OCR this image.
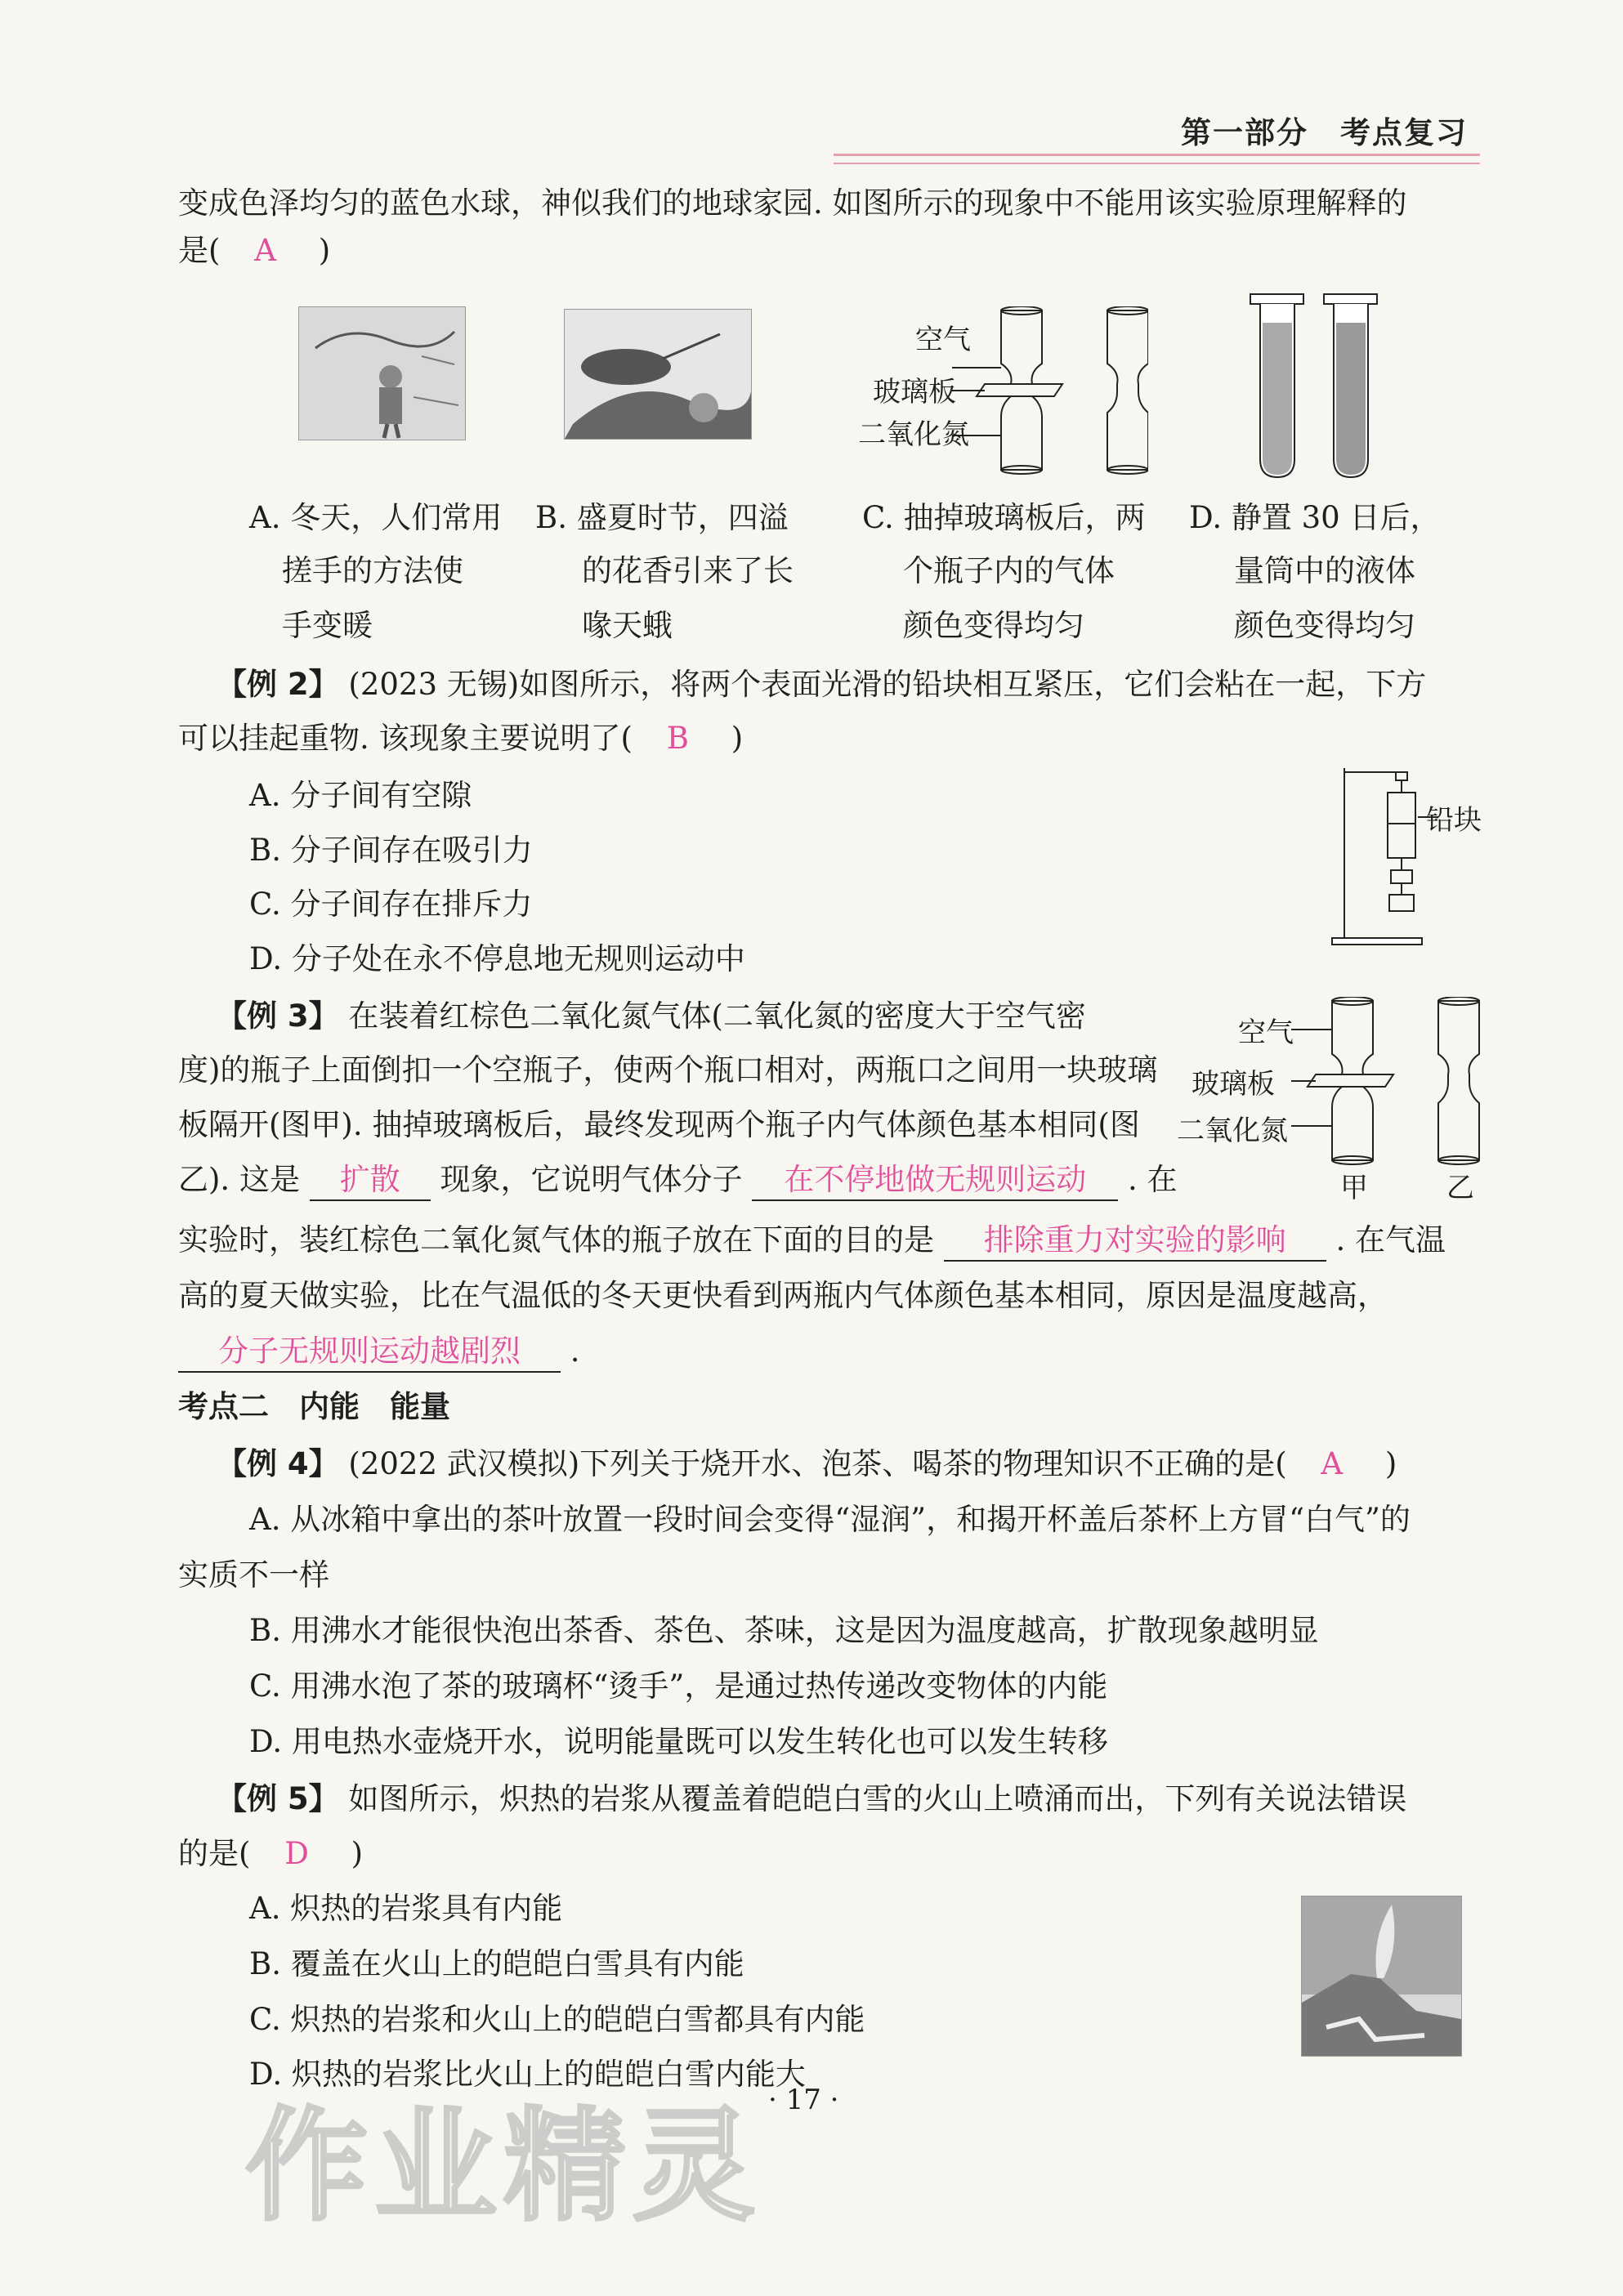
第一部分　考点复习
变成色泽均匀的蓝色水球，神似我们的地球家园. 如图所示的现象中不能用该实验原理解释的
是( A )
空气
玻璃板
二氧化氮
A. 冬天，人们常用
搓手的方法使
手变暖
B. 盛夏时节，四溢
的花香引来了长
喙天蛾
C. 抽掉玻璃板后，两
个瓶子内的气体
颜色变得均匀
D. 静置 30 日后，
量筒中的液体
颜色变得均匀
【例 2】 (2023 无锡)如图所示，将两个表面光滑的铅块相互紧压，它们会粘在一起，下方
可以挂起重物. 该现象主要说明了( B )
A. 分子间有空隙
B. 分子间存在吸引力
C. 分子间存在排斥力
D. 分子处在永不停息地无规则运动中
铅块
【例 3】 在装着红棕色二氧化氮气体(二氧化氮的密度大于空气密
度)的瓶子上面倒扣一个空瓶子，使两个瓶口相对，两瓶口之间用一块玻璃
板隔开(图甲). 抽掉玻璃板后，最终发现两个瓶子内气体颜色基本相同(图
乙). 这是 扩散 现象，它说明气体分子 在不停地做无规则运动 . 在
实验时，装红棕色二氧化氮气体的瓶子放在下面的目的是 排除重力对实验的影响 . 在气温
高的夏天做实验，比在气温低的冬天更快看到两瓶内气体颜色基本相同，原因是温度越高，
分子无规则运动越剧烈 .
空气
玻璃板
二氧化氮
甲	乙
考点二　内能　能量
【例 4】 (2022 武汉模拟)下列关于烧开水、泡茶、喝茶的物理知识不正确的是( A )
A. 从冰箱中拿出的茶叶放置一段时间会变得“湿润”，和揭开杯盖后茶杯上方冒“白气”的
实质不一样
B. 用沸水才能很快泡出茶香、茶色、茶味，这是因为温度越高，扩散现象越明显
C. 用沸水泡了茶的玻璃杯“烫手”，是通过热传递改变物体的内能
D. 用电热水壶烧开水，说明能量既可以发生转化也可以发生转移
【例 5】 如图所示，炽热的岩浆从覆盖着皑皑白雪的火山上喷涌而出，下列有关说法错误
的是( D )
A. 炽热的岩浆具有内能
B. 覆盖在火山上的皑皑白雪具有内能
C. 炽热的岩浆和火山上的皑皑白雪都具有内能
D. 炽热的岩浆比火山上的皑皑白雪内能大
作业精灵 · 17 ·
